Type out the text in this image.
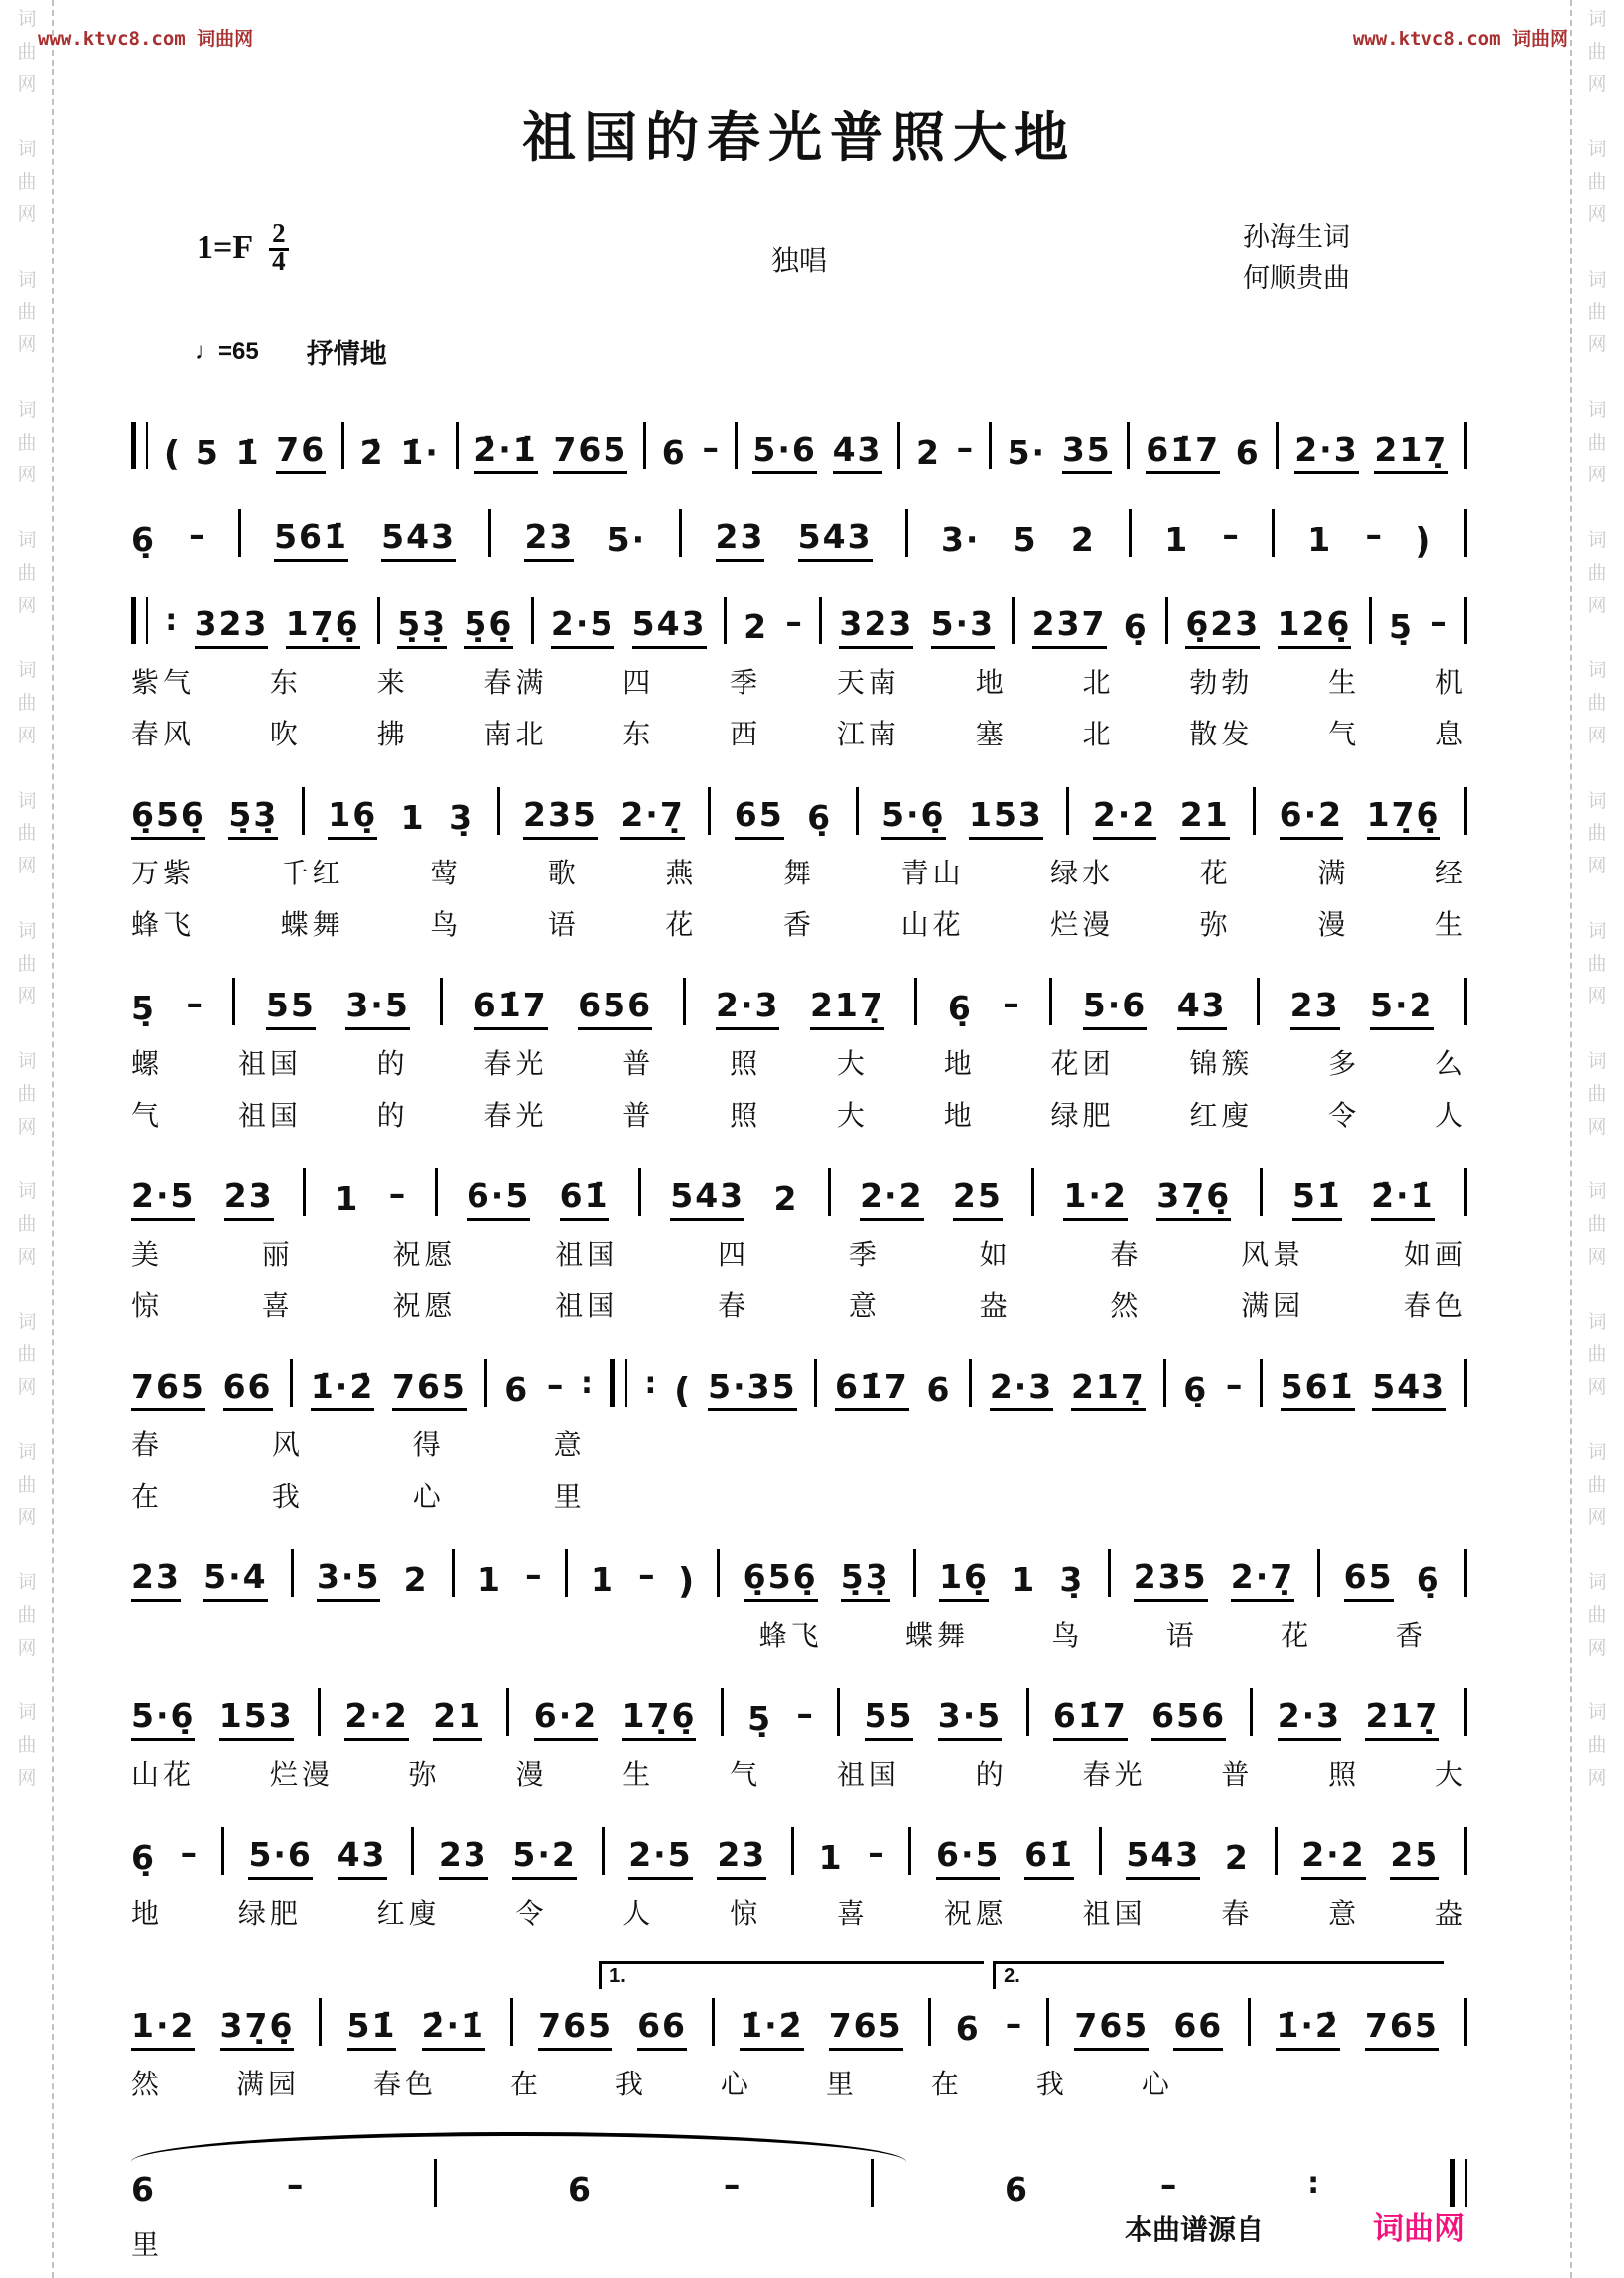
词
曲
网
词
曲
网
词
曲
网
词
曲
网
词
曲
网
词
曲
网
词
曲
网
词
曲
网
词
曲
网
词
曲
网
词
曲
网
词
曲
网
词
曲
网
词
曲
网
词
曲
网
词
曲
网
词
曲
网
词
曲
网
词
曲
网
词
曲
网
词
曲
网
词
曲
网
词
曲
网
词
曲
网
词
曲
网
词
曲
网
词
曲
网
词
曲
网
www.ktvc8.com 词曲网	www.ktvc8.com 词曲网
祖国的春光普照大地
$1=F \frac{2}{4}$	独唱
孙海生词
何顺贵曲
♩=65 抒情地
( 5 1̇ 76 2̇ 1̇· 2̇·1̇ 765 6 – 5·6 43 2 – 5· 35 61̇7 6 2·3 217̣
6̣ – 561̇ 543 23 5· 23 543 3· 5 2 1 – 1 – )
: 323 17̣6̣ 5̣3̣ 5̣6̣ 2·5 543 2 – 323 5·3 237 6̣ 6̣23 126̣ 5̣ –
紫气	东	来	春满	四	季	天南	地	北	勃勃	生	机
春风	吹	拂	南北	东	西	江南	塞	北	散发	气	息
6̣56̣ 5̣3̣ 16̣ 1 3̣ 235 2·7̣ 65 6̣ 5·6̣ 153 2·2 21 6·2 17̣6̣
万紫	千红	莺	歌	燕	舞	青山	绿水	花	满	经
蜂飞	蝶舞	鸟	语	花	香	山花	烂漫	弥	漫	生
5̣ – 55 3·5 61̇7 656 2·3 217̣ 6̣ – 5·6 43 23 5·2
螺	祖国	的	春光	普	照	大	地	花团	锦簇	多	么
气	祖国	的	春光	普	照	大	地	绿肥	红廋	令	人
2·5 23 1 – 6·5 61̇ 543 2 2·2 25 1·2 37̣6̣ 51̇ 2̇·1̇
美	丽	祝愿	祖国	四	季	如	春	风景	如画
惊	喜	祝愿	祖国	春	意	盎	然	满园	春色
765 66 1̇·2̇ 765 6 – : : ( 5·35 61̇7 6 2·3 217̣ 6̣ – 561̇ 543
春	风	得	意
在	我	心	里
23 5·4 3·5 2 1 – 1 – ) 6̣56̣ 5̣3̣ 16̣ 1 3̣ 235 2·7̣ 65 6̣
蜂飞	蝶舞	鸟	语	花	香
5·6̣ 153 2·2 21 6·2 17̣6̣ 5̣ – 55 3·5 61̇7 656 2·3 217̣
山花	烂漫	弥	漫	生	气	祖国	的	春光	普	照	大
6̣ – 5·6 43 23 5·2 2·5 23 1 – 6·5 61̇ 543 2 2·2 25
地	绿肥	红廋	令	人	惊	喜	祝愿	祖国	春	意	盎
1.	2.
1·2 37̣6̣ 51̇ 2̇·1̇ 765 66 1̇·2̇ 765 6 – 765 66 1̇·2̇ 765
然	满园	春色	在	我	心	里	在	我	心
6	–	6	–	6	–	:
里
本曲谱源自	词曲网
